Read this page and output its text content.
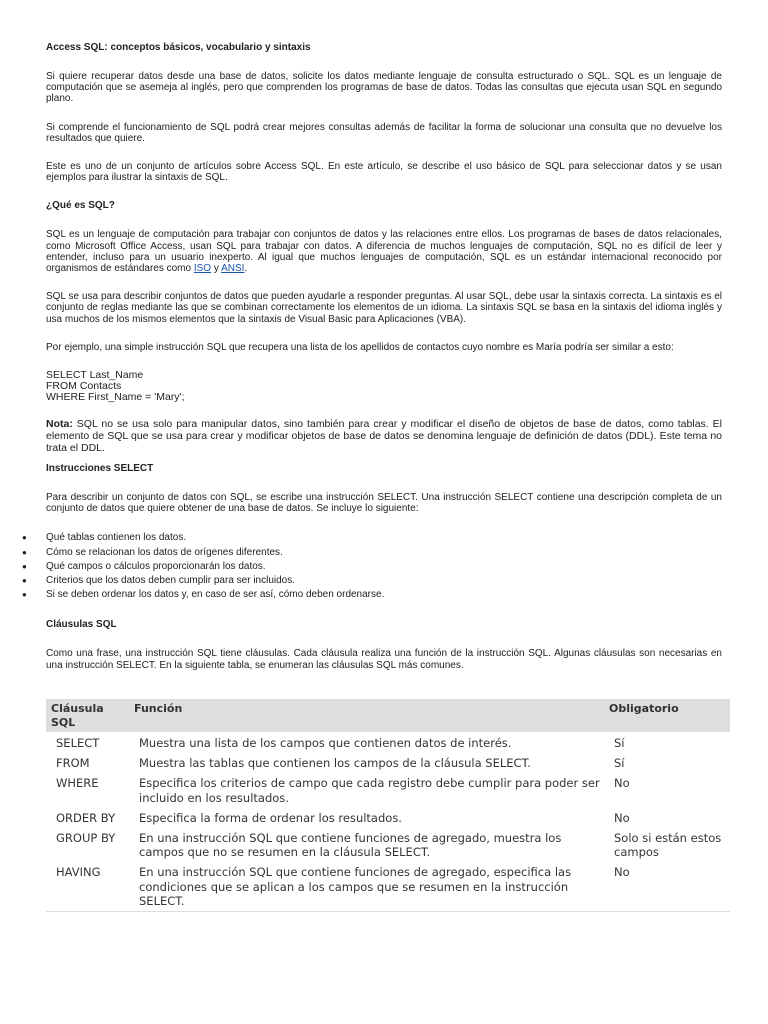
Access SQL: conceptos básicos, vocabulario y sintaxis

Si quiere recuperar datos desde una base de datos, solicite los datos mediante lenguaje de consulta estructurado o SQL. SQL es un lenguaje de computación que se asemeja al inglés, pero que comprenden los programas de base de datos. Todas las consultas que ejecuta usan SQL en segundo plano.

Si comprende el funcionamiento de SQL podrá crear mejores consultas además de facilitar la forma de solucionar una consulta que no devuelve los resultados que quiere.

Este es uno de un conjunto de artículos sobre Access SQL. En este artículo, se describe el uso básico de SQL para seleccionar datos y se usan ejemplos para ilustrar la sintaxis de SQL.

¿Qué es SQL?

SQL es un lenguaje de computación para trabajar con conjuntos de datos y las relaciones entre ellos. Los programas de bases de datos relacionales, como Microsoft Office Access, usan SQL para trabajar con datos. A diferencia de muchos lenguajes de computación, SQL no es difícil de leer y entender, incluso para un usuario inexperto. Al igual que muchos lenguajes de computación, SQL es un estándar internacional reconocido por organismos de estándares como ISO y ANSI.

SQL se usa para describir conjuntos de datos que pueden ayudarle a responder preguntas. Al usar SQL, debe usar la sintaxis correcta. La sintaxis es el conjunto de reglas mediante las que se combinan correctamente los elementos de un idioma. La sintaxis SQL se basa en la sintaxis del idioma inglés y usa muchos de los mismos elementos que la sintaxis de Visual Basic para Aplicaciones (VBA).

Por ejemplo, una simple instrucción SQL que recupera una lista de los apellidos de contactos cuyo nombre es María podría ser similar a esto:

SELECT Last_Name
FROM Contacts
WHERE First_Name = 'Mary';

Nota: SQL no se usa solo para manipular datos, sino también para crear y modificar el diseño de objetos de base de datos, como tablas. El elemento de SQL que se usa para crear y modificar objetos de base de datos se denomina lenguaje de definición de datos (DDL). Este tema no trata el DDL.

Instrucciones SELECT

Para describir un conjunto de datos con SQL, se escribe una instrucción SELECT. Una instrucción SELECT contiene una descripción completa de un conjunto de datos que quiere obtener de una base de datos. Se incluye lo siguiente:

● Qué tablas contienen los datos.
● Cómo se relacionan los datos de orígenes diferentes.
● Qué campos o cálculos proporcionarán los datos.
● Criterios que los datos deben cumplir para ser incluidos.
● Si se deben ordenar los datos y, en caso de ser así, cómo deben ordenarse.

Cláusulas SQL

Como una frase, una instrucción SQL tiene cláusulas. Cada cláusula realiza una función de la instrucción SQL. Algunas cláusulas son necesarias en una instrucción SELECT. En la siguiente tabla, se enumeran las cláusulas SQL más comunes.

Cláusula SQL	Función	Obligatorio
SELECT	Muestra una lista de los campos que contienen datos de interés.	Sí
FROM	Muestra las tablas que contienen los campos de la cláusula SELECT.	Sí
WHERE	Especifica los criterios de campo que cada registro debe cumplir para poder ser incluido en los resultados.	No
ORDER BY	Especifica la forma de ordenar los resultados.	No
GROUP BY	En una instrucción SQL que contiene funciones de agregado, muestra los campos que no se resumen en la cláusula SELECT.	Solo si están estos campos
HAVING	En una instrucción SQL que contiene funciones de agregado, especifica las condiciones que se aplican a los campos que se resumen en la instrucción SELECT.	No
